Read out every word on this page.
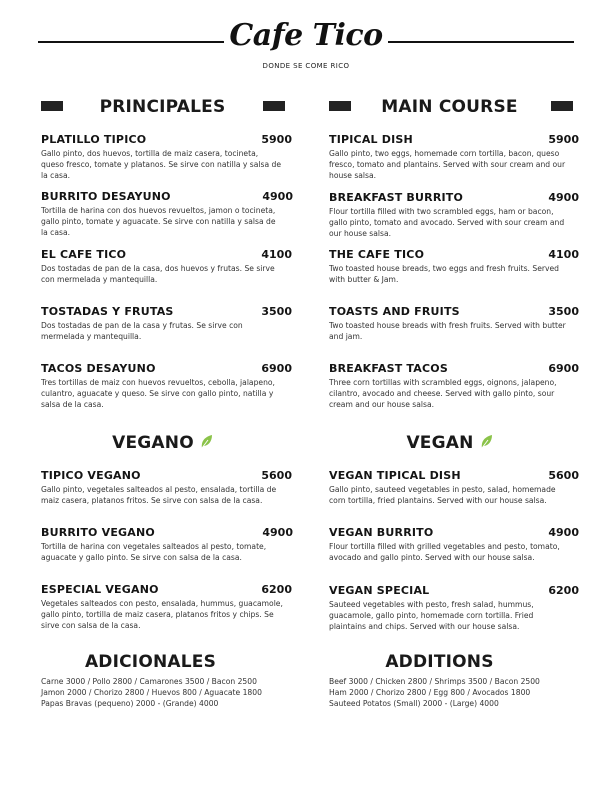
Cafe Tico
DONDE SE COME RICO
PRINCIPALES	MAIN COURSE
PLATILLO TIPICO
Gallo pinto, dos huevos, tortilla de maiz casera, tocineta, queso fresco, tomate y platanos. Se sirve con natilla y salsa de la casa.
5900
BURRITO DESAYUNO
Tortilla de harina con dos huevos revueltos, jamon o tocineta, gallo pinto, tomate y aguacate. Se sirve con natilla y salsa de la casa.
4900
EL CAFE TICO
Dos tostadas de pan de la casa, dos huevos y frutas. Se sirve con mermelada y mantequilla.
4100
TOSTADAS Y FRUTAS
Dos tostadas de pan de la casa y frutas. Se sirve con mermelada y mantequilla.
3500
TACOS DESAYUNO
Tres tortillas de maiz con huevos revueltos, cebolla, jalapeno, culantro, aguacate y queso. Se sirve con gallo pinto, natilla y salsa de la casa.
6900
TIPICAL DISH
Gallo pinto, two eggs, homemade corn tortilla, bacon, queso fresco, tomato and plantains. Served with sour cream and our house salsa.
5900
BREAKFAST BURRITO
Flour tortilla filled with two scrambled eggs, ham or bacon, gallo pinto, tomato and avocado. Served with sour cream and our house salsa.
4900
THE CAFE TICO
Two toasted house breads, two eggs and fresh fruits. Served with butter & Jam.
4100
TOASTS AND FRUITS
Two toasted house breads with fresh fruits. Served with butter and jam.
3500
BREAKFAST TACOS
Three corn tortillas with scrambled eggs, oignons, jalapeno, cilantro, avocado and cheese. Served with gallo pinto, sour cream and our house salsa.
6900
VEGANO	VEGAN
TIPICO VEGANO
Gallo pinto, vegetales salteados al pesto, ensalada, tortilla de maiz casera, platanos fritos. Se sirve con salsa de la casa.
5600
BURRITO VEGANO
Tortilla de harina con vegetales salteados al pesto, tomate, aguacate y gallo pinto. Se sirve con salsa de la casa.
4900
ESPECIAL VEGANO
Vegetales salteados con pesto, ensalada, hummus, guacamole, gallo pinto, tortilla de maiz casera, platanos fritos y chips. Se sirve con salsa de la casa.
6200
VEGAN TIPICAL DISH
Gallo pinto, sauteed vegetables in pesto, salad, homemade corn tortilla, fried plantains. Served with our house salsa.
5600
VEGAN BURRITO
Flour tortilla filled with grilled vegetables and pesto, tomato, avocado and gallo pinto. Served with our house salsa.
4900
VEGAN SPECIAL
Sauteed vegetables with pesto, fresh salad, hummus, guacamole, gallo pinto, homemade corn tortilla. Fried plaintains and chips. Served with our house salsa.
6200
ADICIONALES	ADDITIONS
Carne 3000 / Pollo 2800 / Camarones 3500 / Bacon 2500
Jamon 2000 / Chorizo 2800 / Huevos 800 / Aguacate 1800
Papas Bravas (pequeno) 2000 - (Grande) 4000
Beef 3000 / Chicken 2800 / Shrimps 3500 / Bacon 2500
Ham 2000 / Chorizo 2800 / Egg 800 / Avocados 1800
Sauteed Potatos (Small) 2000 - (Large) 4000
